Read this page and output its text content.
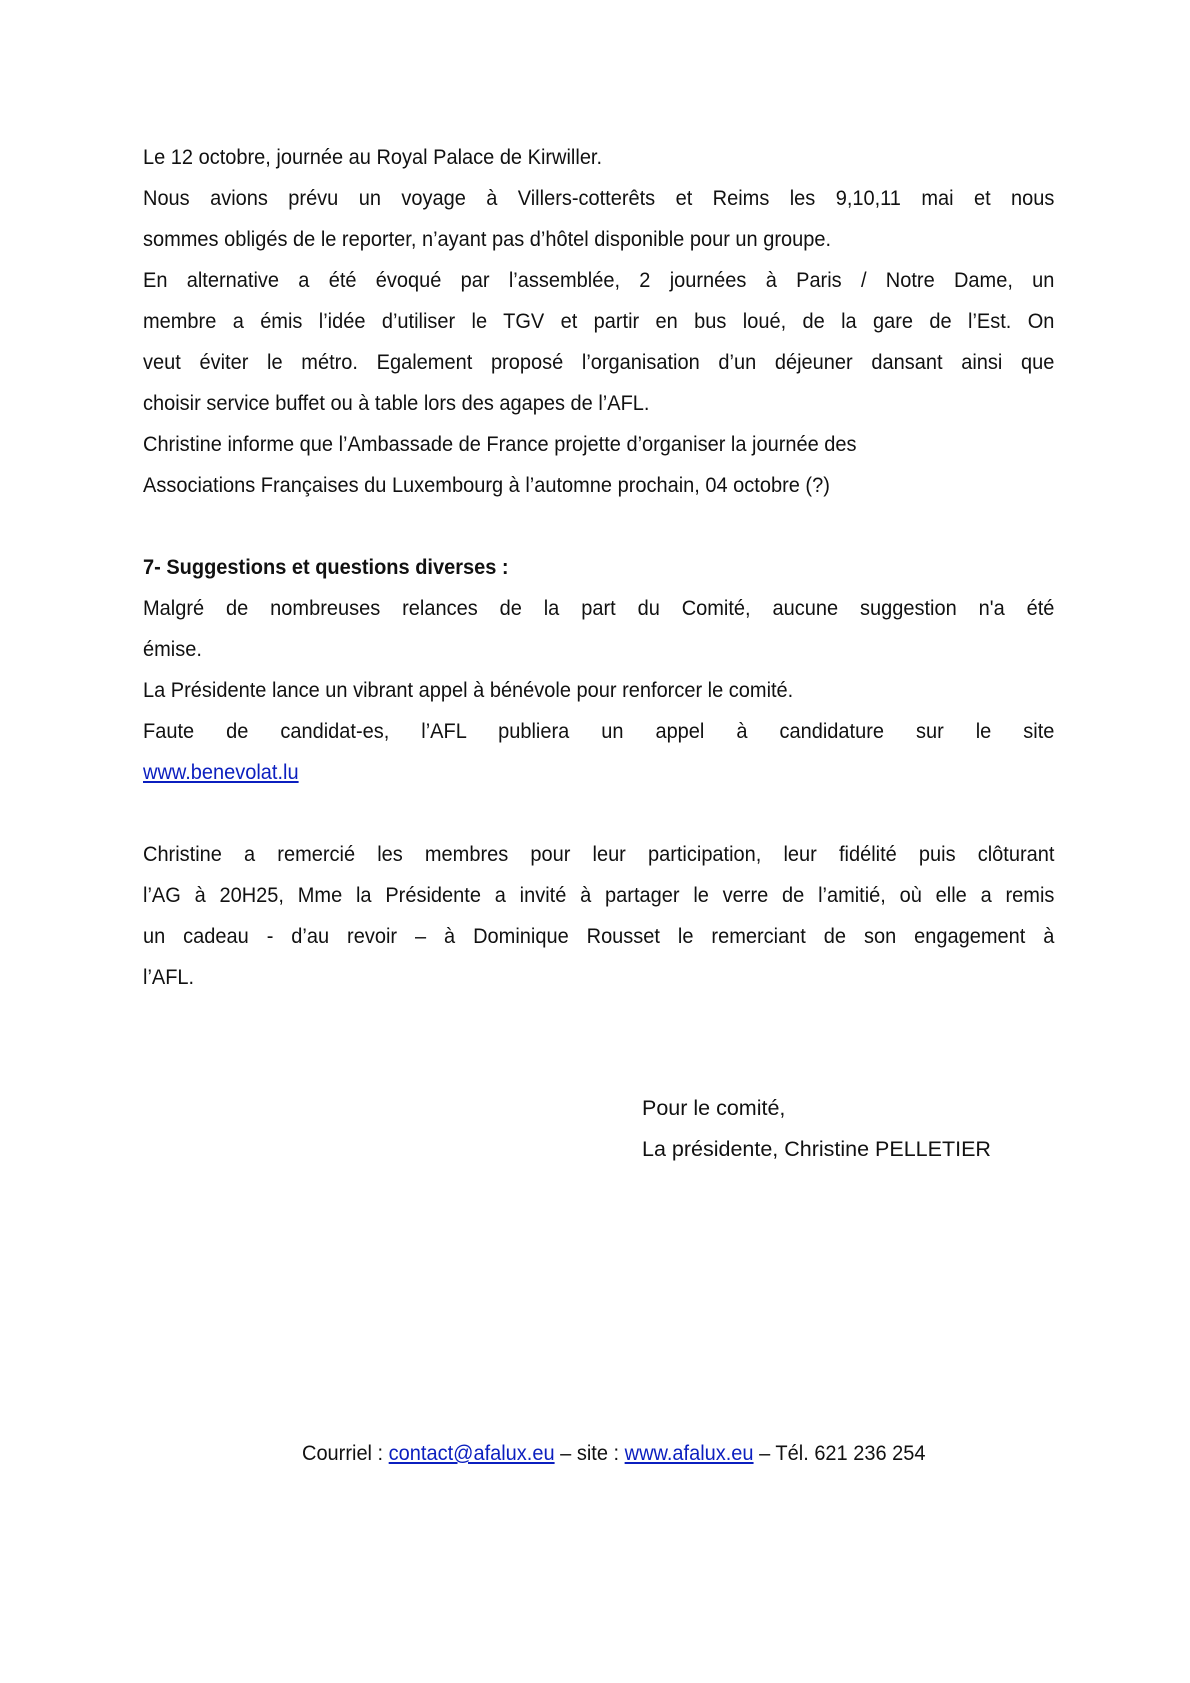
Le 12 octobre, journée au Royal Palace de Kirwiller.
Nous avions prévu un voyage à Villers-cotterêts et Reims les 9,10,11 mai et nous
sommes obligés de le reporter, n’ayant pas d’hôtel disponible pour un groupe.
En alternative a été évoqué par l’assemblée, 2 journées à Paris / Notre Dame, un
membre a émis l’idée d’utiliser le TGV et partir en bus loué, de la gare de l’Est. On
veut éviter le métro. Egalement proposé l’organisation d’un déjeuner dansant ainsi que
choisir service buffet ou à table lors des agapes de l’AFL.
Christine informe que l’Ambassade de France projette d’organiser la journée des
Associations Françaises du Luxembourg à l’automne prochain, 04 octobre (?)
7- Suggestions et questions diverses :
Malgré de nombreuses relances de la part du Comité, aucune suggestion n'a été
émise.
La Présidente lance un vibrant appel à bénévole pour renforcer le comité.
Faute de candidat-es, l’AFL publiera un appel à candidature sur le site
www.benevolat.lu
Christine a remercié les membres pour leur participation, leur fidélité puis clôturant
l’AG à 20H25, Mme la Présidente a invité à partager le verre de l’amitié, où elle a remis
un cadeau - d’au revoir – à Dominique Rousset le remerciant de son engagement à
l’AFL.
Pour le comité,
La présidente, Christine PELLETIER
Courriel : contact@afalux.eu – site : www.afalux.eu – Tél. 621 236 254
